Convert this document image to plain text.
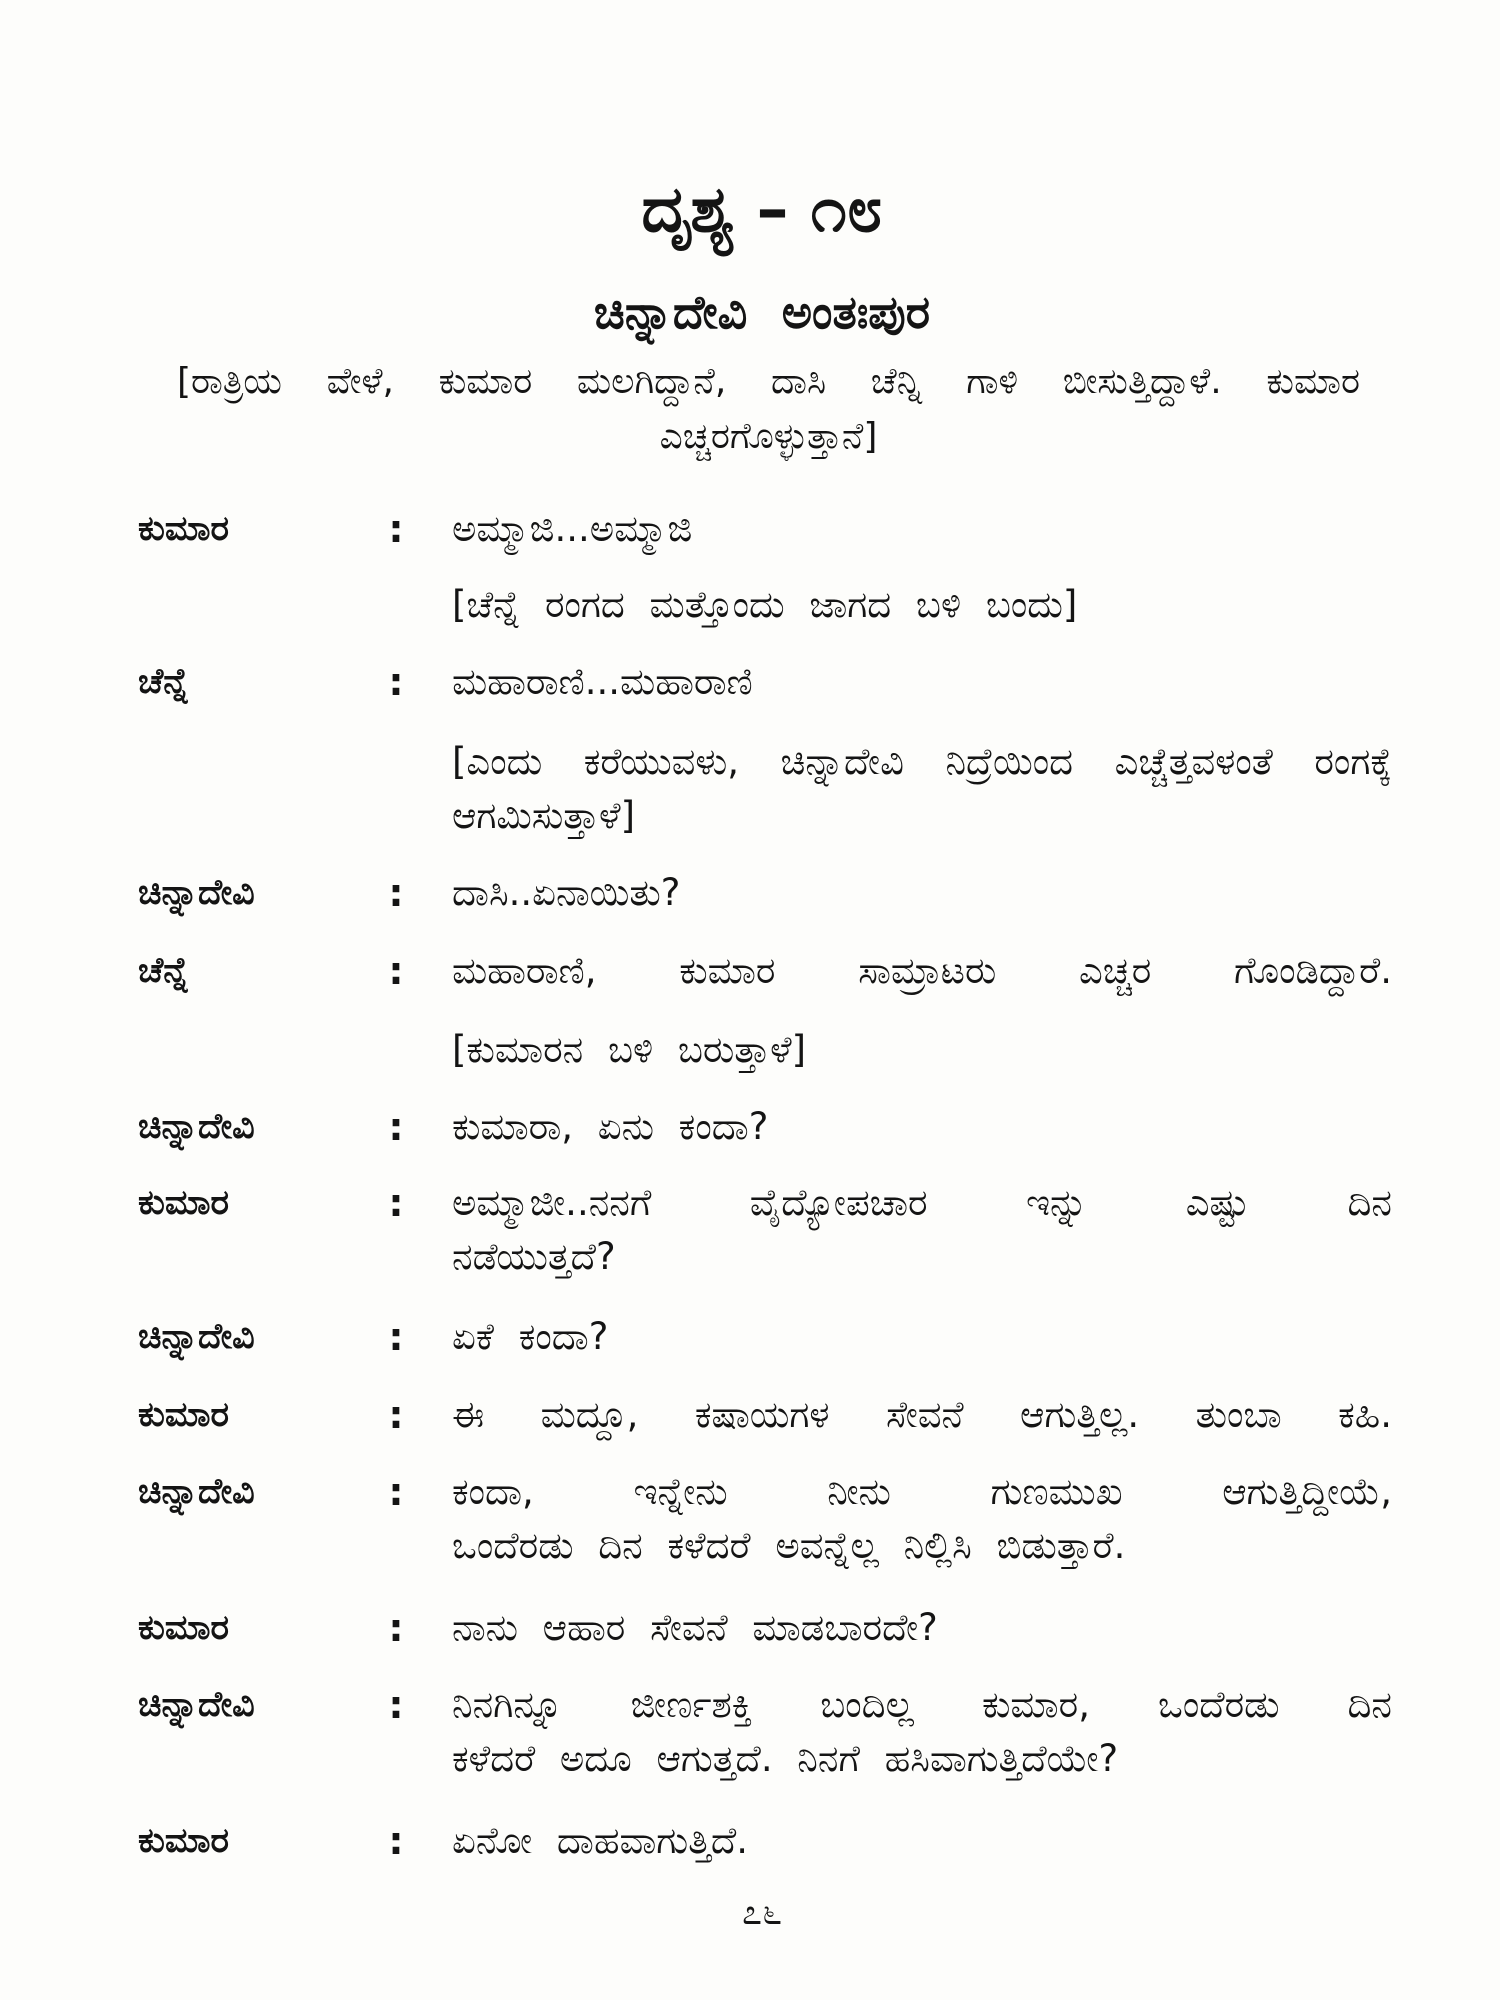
ದೃಶ್ಯ – ೧೮
ಚಿನ್ನಾದೇವಿ ಅಂತಃಪುರ
[ರಾತ್ರಿಯ ವೇಳೆ, ಕುಮಾರ ಮಲಗಿದ್ದಾನೆ, ದಾಸಿ ಚೆನ್ನಿ ಗಾಳಿ ಬೀಸುತ್ತಿದ್ದಾಳೆ. ಕುಮಾರ
ಎಚ್ಚರಗೊಳ್ಳುತ್ತಾನೆ]
ಕುಮಾರ	: ಅಮ್ಮಾಜಿ...ಅಮ್ಮಾಜಿ
[ಚೆನ್ನೆ ರಂಗದ ಮತ್ತೊಂದು ಜಾಗದ ಬಳಿ ಬಂದು]
ಚೆನ್ನೆ	: ಮಹಾರಾಣಿ...ಮಹಾರಾಣಿ
[ಎಂದು ಕರೆಯುವಳು, ಚಿನ್ನಾದೇವಿ ನಿದ್ರೆಯಿಂದ ಎಚ್ಚೆತ್ತವಳಂತೆ ರಂಗಕ್ಕೆ
ಆಗಮಿಸುತ್ತಾಳೆ]
ಚಿನ್ನಾದೇವಿ	: ದಾಸಿ..ಏನಾಯಿತು?
ಚೆನ್ನೆ	: ಮಹಾರಾಣಿ, ಕುಮಾರ ಸಾಮ್ರಾಟರು ಎಚ್ಚರ ಗೊಂಡಿದ್ದಾರೆ.
[ಕುಮಾರನ ಬಳಿ ಬರುತ್ತಾಳೆ]
ಚಿನ್ನಾದೇವಿ	: ಕುಮಾರಾ, ಏನು ಕಂದಾ?
ಕುಮಾರ	: ಅಮ್ಮಾಜೀ..ನನಗೆ ವೈದ್ಯೋಪಚಾರ ಇನ್ನು ಎಷ್ಟು ದಿನ
ನಡೆಯುತ್ತದೆ?
ಚಿನ್ನಾದೇವಿ	: ಏಕೆ ಕಂದಾ?
ಕುಮಾರ	: ಈ ಮದ್ದೂ, ಕಷಾಯಗಳ ಸೇವನೆ ಆಗುತ್ತಿಲ್ಲ. ತುಂಬಾ ಕಹಿ.
ಚಿನ್ನಾದೇವಿ	: ಕಂದಾ, ಇನ್ನೇನು ನೀನು ಗುಣಮುಖ ಆಗುತ್ತಿದ್ದೀಯೆ,
ಒಂದೆರಡು ದಿನ ಕಳೆದರೆ ಅವನ್ನೆಲ್ಲ ನಿಲ್ಲಿಸಿ ಬಿಡುತ್ತಾರೆ.
ಕುಮಾರ	: ನಾನು ಆಹಾರ ಸೇವನೆ ಮಾಡಬಾರದೇ?
ಚಿನ್ನಾದೇವಿ	: ನಿನಗಿನ್ನೂ ಜೀರ್ಣಶಕ್ತಿ ಬಂದಿಲ್ಲ ಕುಮಾರ, ಒಂದೆರಡು ದಿನ
ಕಳೆದರೆ ಅದೂ ಆಗುತ್ತದೆ. ನಿನಗೆ ಹಸಿವಾಗುತ್ತಿದೆಯೇ?
ಕುಮಾರ	: ಏನೋ ದಾಹವಾಗುತ್ತಿದೆ.
೭೬
